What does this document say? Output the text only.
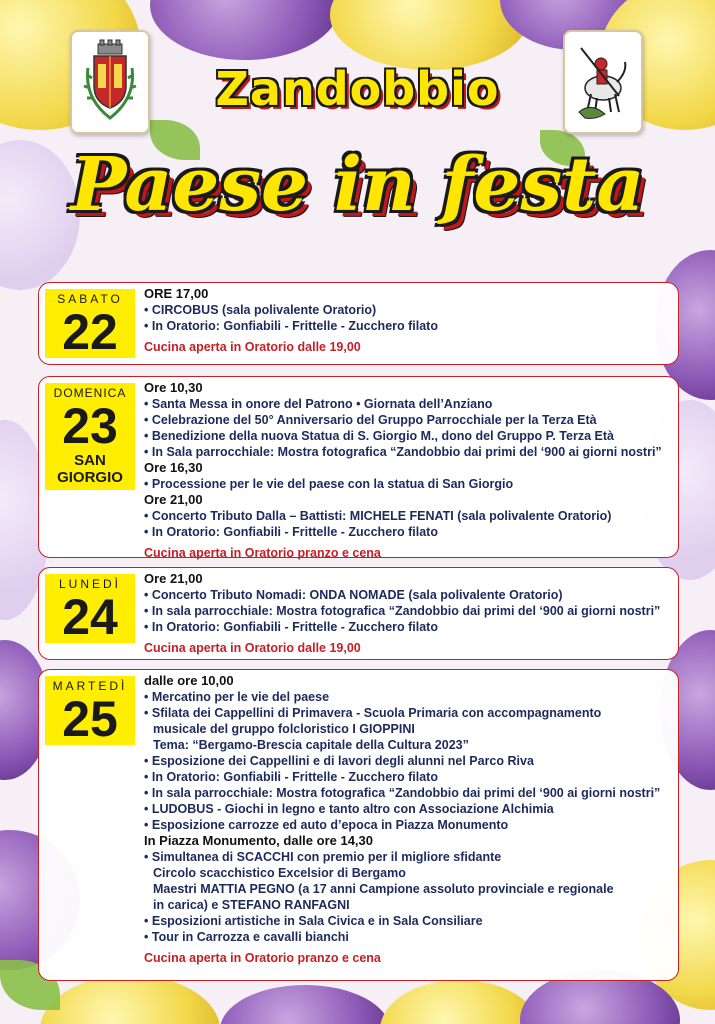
Zandobbio
Paese in festa
SABATO
22
ORE 17,00
• CIRCOBUS (sala polivalente Oratorio)
• In Oratorio: Gonfiabili - Frittelle - Zucchero filato
Cucina aperta in Oratorio dalle 19,00
DOMENICA
23
SAN GIORGIO
Ore 10,30
• Santa Messa in onore del Patrono • Giornata dell’Anziano
• Celebrazione del 50° Anniversario del Gruppo Parrocchiale per la Terza Età
• Benedizione della nuova Statua di S. Giorgio M., dono del Gruppo P. Terza Età
• In Sala parrocchiale: Mostra fotografica “Zandobbio dai primi del ‘900 ai giorni nostri”
Ore 16,30
• Processione per le vie del paese con la statua di San Giorgio
Ore 21,00
• Concerto Tributo Dalla – Battisti: MICHELE FENATI (sala polivalente Oratorio)
• In Oratorio: Gonfiabili - Frittelle - Zucchero filato
Cucina aperta in Oratorio pranzo e cena
LUNEDÌ
24
Ore 21,00
• Concerto Tributo Nomadi: ONDA NOMADE (sala polivalente Oratorio)
• In sala parrocchiale: Mostra fotografica “Zandobbio dai primi del ‘900 ai giorni nostri”
• In Oratorio: Gonfiabili - Frittelle - Zucchero filato
Cucina aperta in Oratorio dalle 19,00
MARTEDÌ
25
dalle ore 10,00
• Mercatino per le vie del paese
• Sfilata dei Cappellini di Primavera - Scuola Primaria con accompagnamento
musicale del gruppo folcloristico I GIOPPINI
Tema: “Bergamo-Brescia capitale della Cultura 2023”
• Esposizione dei Cappellini e di lavori degli alunni nel Parco Riva
• In Oratorio: Gonfiabili - Frittelle - Zucchero filato
• In sala parrocchiale: Mostra fotografica “Zandobbio dai primi del ‘900 ai giorni nostri”
• LUDOBUS - Giochi in legno e tanto altro con Associazione Alchimia
• Esposizione carrozze ed auto d’epoca in Piazza Monumento
In Piazza Monumento, dalle ore 14,30
• Simultanea di SCACCHI con premio per il migliore sfidante
Circolo scacchistico Excelsior di Bergamo
Maestri MATTIA PEGNO (a 17 anni Campione assoluto provinciale e regionale
in carica) e STEFANO RANFAGNI
• Esposizioni artistiche in Sala Civica e in Sala Consiliare
• Tour in Carrozza e cavalli bianchi
Cucina aperta in Oratorio pranzo e cena
